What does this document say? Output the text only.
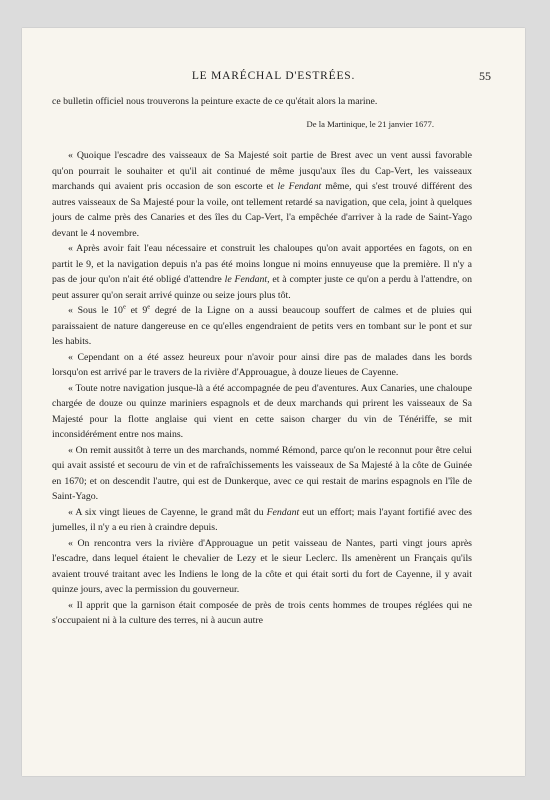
LE MARÉCHAL D'ESTRÉES.	55

ce bulletin officiel nous trouverons la peinture exacte de ce qu'était alors la marine.

De la Martinique, le 21 janvier 1677.

« Quoique l'escadre des vaisseaux de Sa Majesté soit partie de Brest avec un vent aussi favorable qu'on pourrait le souhaiter et qu'il ait continué de même jusqu'aux îles du Cap-Vert, les vaisseaux marchands qui avaient pris occasion de son escorte et le Fendant même, qui s'est trouvé différent des autres vaisseaux de Sa Majesté pour la voile, ont tellement retardé sa navigation, que cela, joint à quelques jours de calme près des Canaries et des îles du Cap-Vert, l'a empêchée d'arriver à la rade de Saint-Yago devant le 4 novembre.

« Après avoir fait l'eau nécessaire et construit les chaloupes qu'on avait apportées en fagots, on en partit le 9, et la navigation depuis n'a pas été moins longue ni moins ennuyeuse que la première. Il n'y a pas de jour qu'on n'ait été obligé d'attendre le Fendant, et à compter juste ce qu'on a perdu à l'attendre, on peut assurer qu'on serait arrivé quinze ou seize jours plus tôt.

« Sous le 10e et 9e degré de la Ligne on a aussi beaucoup souffert de calmes et de pluies qui paraissaient de nature dangereuse en ce qu'elles engendraient de petits vers en tombant sur le pont et sur les habits.

« Cependant on a été assez heureux pour n'avoir pour ainsi dire pas de malades dans les bords lorsqu'on est arrivé par le travers de la rivière d'Approuague, à douze lieues de Cayenne.

« Toute notre navigation jusque-là a été accompagnée de peu d'aventures. Aux Canaries, une chaloupe chargée de douze ou quinze mariniers espagnols et de deux marchands qui prirent les vaisseaux de Sa Majesté pour la flotte anglaise qui vient en cette saison charger du vin de Ténériffe, se mit inconsidérément entre nos mains.

« On remit aussitôt à terre un des marchands, nommé Rémond, parce qu'on le reconnut pour être celui qui avait assisté et secouru de vin et de rafraîchissements les vaisseaux de Sa Majesté à la côte de Guinée en 1670; et on descendit l'autre, qui est de Dunkerque, avec ce qui restait de marins espagnols en l'île de Saint-Yago.

« A six vingt lieues de Cayenne, le grand mât du Fendant eut un effort; mais l'ayant fortifié avec des jumelles, il n'y a eu rien à craindre depuis.

« On rencontra vers la rivière d'Approuague un petit vaisseau de Nantes, parti vingt jours après l'escadre, dans lequel étaient le chevalier de Lezy et le sieur Leclerc. Ils amenèrent un Français qu'ils avaient trouvé traitant avec les Indiens le long de la côte et qui était sorti du fort de Cayenne, il y avait quinze jours, avec la permission du gouverneur.

« Il apprit que la garnison était composée de près de trois cents hommes de troupes réglées qui ne s'occupaient ni à la culture des terres, ni à aucun autre
